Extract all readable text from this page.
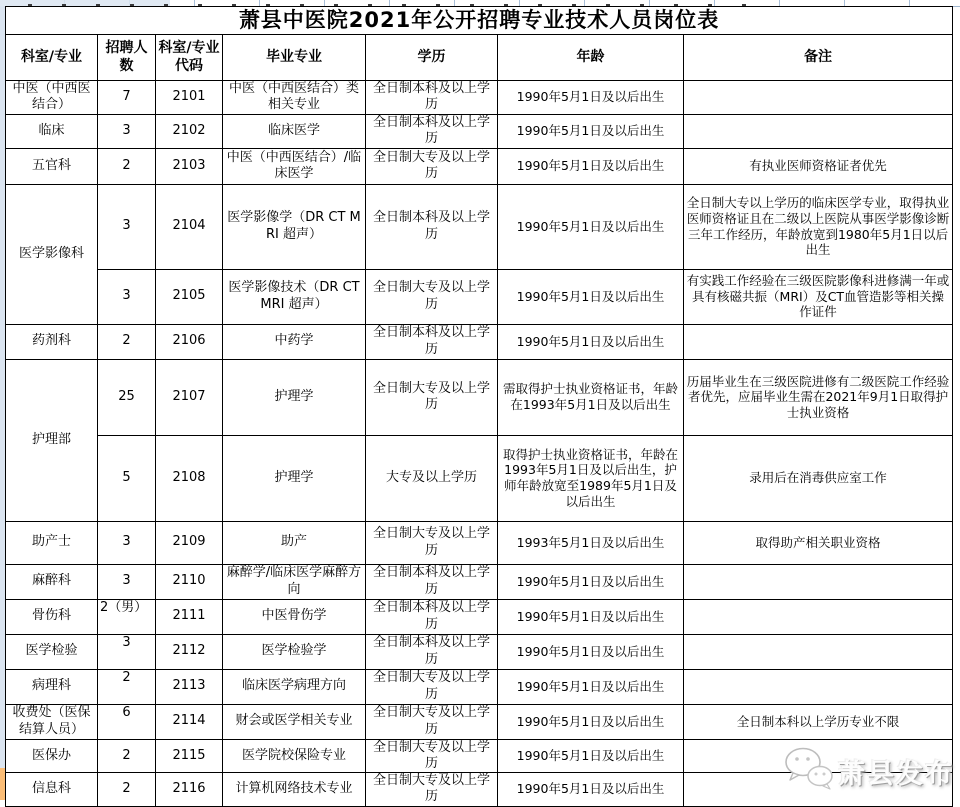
萧县中医院2021年公开招聘专业技术人员岗位表						
科室/专业	招聘人数	科室/专业代码	毕业专业	学历	年龄	备注
中医（中西医结合）	7	2101	中医（中西医结合）类相关专业	全日制本科及以上学历	1990年5月1日及以后出生	
临床	3	2102	临床医学	全日制本科及以上学历	1990年5月1日及以后出生	
五官科	2	2103	中医（中西医结合）/临床医学	全日制大专及以上学历	1990年5月1日及以后出生	有执业医师资格证者优先
医学影像科	3	2104	医学影像学（DR CT MRI 超声）	全日制本科及以上学历	1990年5月1日及以后出生	全日制大专以上学历的临床医学专业，取得执业医师资格证且在二级以上医院从事医学影像诊断三年工作经历，年龄放宽到1980年5月1日以后出生
	3	2105	医学影像技术（DR CT MRI 超声）	全日制大专及以上学历	1990年5月1日及以后出生	有实践工作经验在三级医院影像科进修满一年或具有核磁共振（MRI）及CT血管造影等相关操作证件
药剂科	2	2106	中药学	全日制本科及以上学历	1990年5月1日及以后出生	
护理部	25	2107	护理学	全日制大专及以上学历	需取得护士执业资格证书，年龄在1993年5月1日及以后出生	历届毕业生在三级医院进修有二级医院工作经验者优先，应届毕业生需在2021年9月1日取得护士执业资格
	5	2108	护理学	大专及以上学历	取得护士执业资格证书，年龄在1993年5月1日及以后出生，护师年龄放宽至1989年5月1日及以后出生	录用后在消毒供应室工作
助产士	3	2109	助产	全日制大专及以上学历	1993年5月1日及以后出生	取得助产相关职业资格
麻醉科	3	2110	麻醉学/临床医学麻醉方向	全日制本科及以上学历	1990年5月1日及以后出生	
骨伤科	2（男）	2111	中医骨伤学	全日制本科及以上学历	1990年5月1日及以后出生	
医学检验	3	2112	医学检验学	全日制本科及以上学历	1990年5月1日及以后出生	
病理科	2	2113	临床医学病理方向	全日制大专及以上学历	1990年5月1日及以后出生	
收费处（医保结算人员）	6	2114	财会或医学相关专业	全日制大专及以上学历	1990年5月1日及以后出生	全日制本科以上学历专业不限
医保办	2	2115	医学院校保险专业	全日制大专及以上学历	1990年5月1日及以后出生	
信息科	2	2116	计算机网络技术专业	全日制大专及以上学历	1990年5月1日及以后出生		萧县发布
